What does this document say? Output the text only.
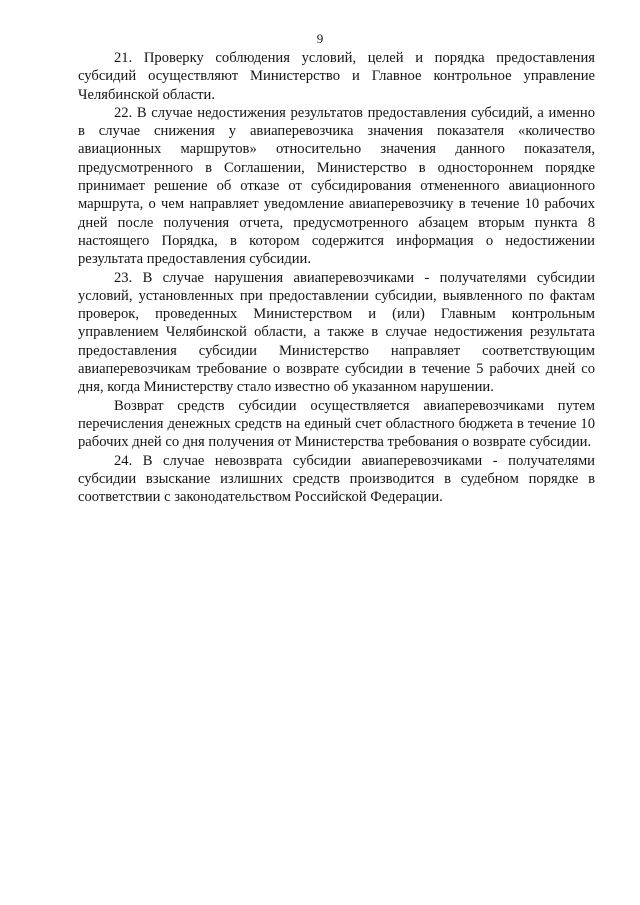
9

21. Проверку соблюдения условий, целей и порядка предоставления субсидий осуществляют Министерство и Главное контрольное управление Челябинской области.

22. В случае недостижения результатов предоставления субсидий, а именно в случае снижения у авиаперевозчика значения показателя «количество авиационных маршрутов» относительно значения данного показателя, предусмотренного в Соглашении, Министерство в одностороннем порядке принимает решение об отказе от субсидирования отмененного авиационного маршрута, о чем направляет уведомление авиаперевозчику в течение 10 рабочих дней после получения отчета, предусмотренного абзацем вторым пункта 8 настоящего Порядка, в котором содержится информация о недостижении результата предоставления субсидии.

23. В случае нарушения авиаперевозчиками - получателями субсидии условий, установленных при предоставлении субсидии, выявленного по фактам проверок, проведенных Министерством и (или) Главным контрольным управлением Челябинской области, а также в случае недостижения результата предоставления субсидии Министерство направляет соответствующим авиаперевозчикам требование о возврате субсидии в течение 5 рабочих дней со дня, когда Министерству стало известно об указанном нарушении.

Возврат средств субсидии осуществляется авиаперевозчиками путем перечисления денежных средств на единый счет областного бюджета в течение 10 рабочих дней со дня получения от Министерства требования о возврате субсидии.

24. В случае невозврата субсидии авиаперевозчиками - получателями субсидии взыскание излишних средств производится в судебном порядке в соответствии с законодательством Российской Федерации.
